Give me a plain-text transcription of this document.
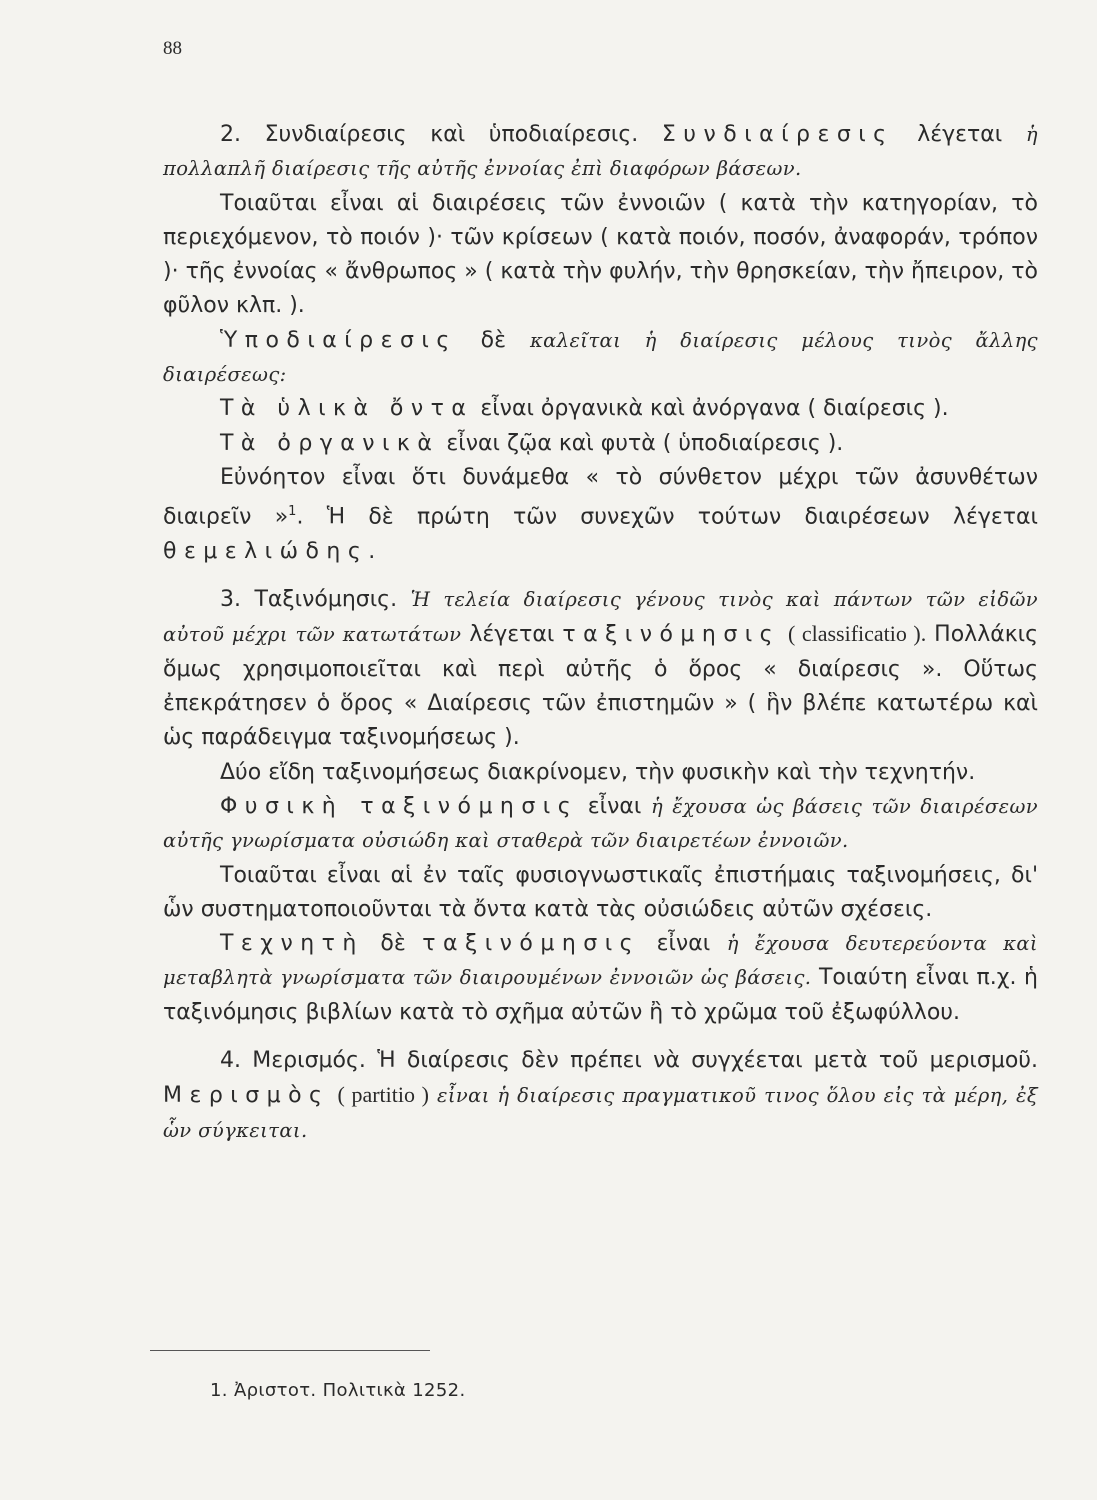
88

2. Συνδιαίρεσις καὶ ὑποδιαίρεσις. Συνδιαίρεσις λέγεται ἡ πολλαπλῆ διαίρεσις τῆς αὐτῆς ἐννοίας ἐπὶ διαφόρων βάσεων.

Τοιαῦται εἶναι αἱ διαιρέσεις τῶν ἐννοιῶν ( κατὰ τὴν κατηγορίαν, τὸ περιεχόμενον, τὸ ποιόν )· τῶν κρίσεων ( κατὰ ποιόν, ποσόν, ἀναφοράν, τρόπον )· τῆς ἐννοίας « ἄνθρωπος » ( κατὰ τὴν φυλήν, τὴν θρησκείαν, τὴν ἤπειρον, τὸ φῦλον κλπ. ).

Ὑποδιαίρεσις δὲ καλεῖται ἡ διαίρεσις μέλους τινὸς ἄλλης διαιρέσεως:

Τὰ ὑλικὰ ὄντα εἶναι ὀργανικὰ καὶ ἀνόργανα ( διαίρεσις ).

Τὰ ὀργανικὰ εἶναι ζῷα καὶ φυτὰ ( ὑποδιαίρεσις ).

Εὐνόητον εἶναι ὅτι δυνάμεθα « τὸ σύνθετον μέχρι τῶν ἀσυνθέτων διαιρεῖν »$^1$. Ἡ δὲ πρώτη τῶν συνεχῶν τούτων διαιρέσεων λέγεται θεμελιώδης.

3. Ταξινόμησις. Ἡ τελεία διαίρεσις γένους τινὸς καὶ πάντων τῶν εἰδῶν αὐτοῦ μέχρι τῶν κατωτάτων λέγεται ταξινόμησις ( classificatio ). Πολλάκις ὅμως χρησιμοποιεῖται καὶ περὶ αὐτῆς ὁ ὅρος « διαίρεσις ». Οὕτως ἐπεκράτησεν ὁ ὅρος « Διαίρεσις τῶν ἐπιστημῶν » ( ἣν βλέπε κατωτέρω καὶ ὡς παράδειγμα ταξινομήσεως ).

Δύο εἴδη ταξινομήσεως διακρίνομεν, τὴν φυσικὴν καὶ τὴν τεχνητήν.

Φυσικὴ ταξινόμησις εἶναι ἡ ἔχουσα ὡς βάσεις τῶν διαιρέσεων αὐτῆς γνωρίσματα οὐσιώδη καὶ σταθερὰ τῶν διαιρετέων ἐννοιῶν.

Τοιαῦται εἶναι αἱ ἐν ταῖς φυσιογνωστικαῖς ἐπιστήμαις ταξινομήσεις, δι' ὧν συστηματοποιοῦνται τὰ ὄντα κατὰ τὰς οὐσιώδεις αὐτῶν σχέσεις.

Τεχνητὴ δὲ ταξινόμησις εἶναι ἡ ἔχουσα δευτερεύοντα καὶ μεταβλητὰ γνωρίσματα τῶν διαιρουμένων ἐννοιῶν ὡς βάσεις. Τοιαύτη εἶναι π.χ. ἡ ταξινόμησις βιβλίων κατὰ τὸ σχῆμα αὐτῶν ἢ τὸ χρῶμα τοῦ ἐξωφύλλου.

4. Μερισμός. Ἡ διαίρεσις δὲν πρέπει νὰ συγχέεται μετὰ τοῦ μερισμοῦ. Μερισμὸς ( partitio ) εἶναι ἡ διαίρεσις πραγματικοῦ τινος ὅλου εἰς τὰ μέρη, ἐξ ὧν σύγκειται.

1. Ἀριστοτ. Πολιτικὰ 1252.
